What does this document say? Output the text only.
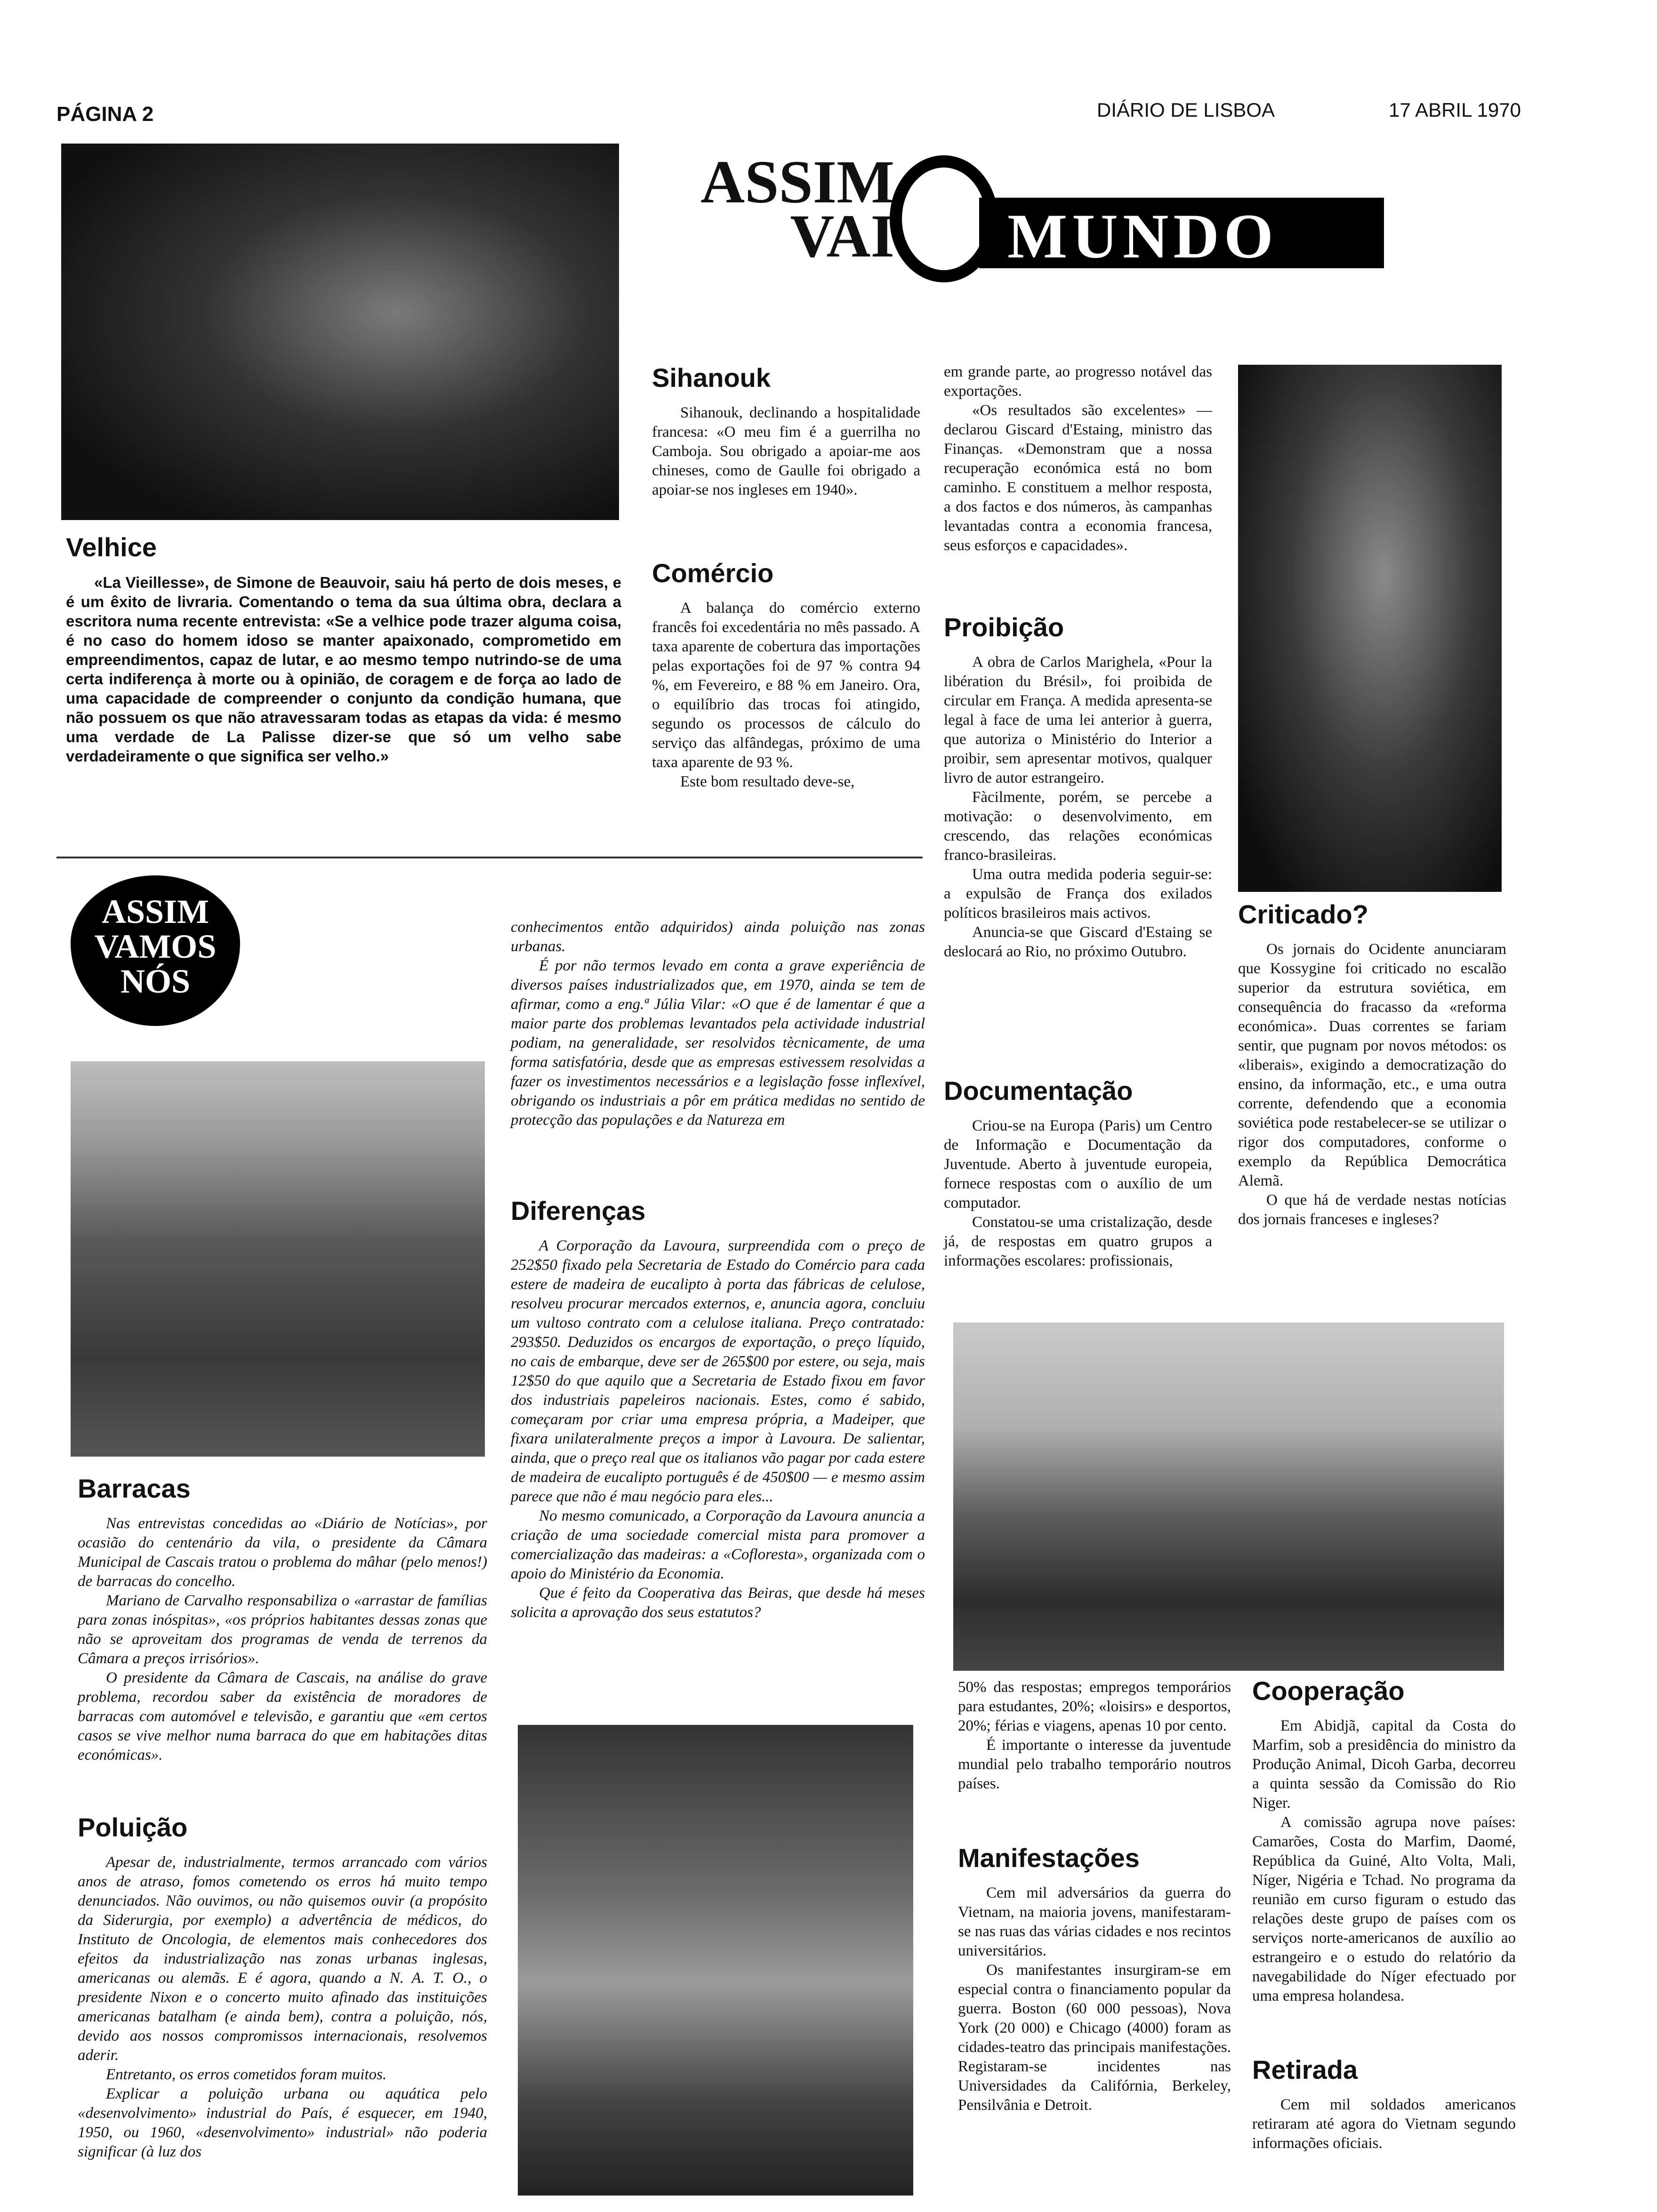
PÁGINA 2	DIÁRIO DE LISBOA	17 ABRIL 1970
Velhice
«La Vieillesse», de Simone de Beauvoir, saiu há perto de dois meses, e é um êxito de livraria. Comentando o tema da sua última obra, declara a escritora numa recente entrevista: «Se a velhice pode trazer alguma coisa, é no caso do homem idoso se manter apaixonado, comprometido em empreendimentos, capaz de lutar, e ao mesmo tempo nutrindo-se de uma certa indiferença à morte ou à opinião, de coragem e de força ao lado de uma capacidade de compreender o conjunto da condição humana, que não possuem os que não atravessaram todas as etapas da vida: é mesmo uma verdade de La Palisse dizer-se que só um velho sabe verdadeiramente o que significa ser velho.»
ASSIM
VAI MUNDO
Sihanouk

Sihanouk, declinando a hospitalidade francesa: «O meu fim é a guerrilha no Camboja. Sou obrigado a apoiar-me aos chineses, como de Gaulle foi obrigado a apoiar-se nos ingleses em 1940».

Comércio

A balança do comércio externo francês foi excedentária no mês passado. A taxa aparente de cobertura das importações pelas exportações foi de 97 % contra 94 %, em Fevereiro, e 88 % em Janeiro. Ora, o equilíbrio das trocas foi atingido, segundo os processos de cálculo do serviço das alfândegas, próximo de uma taxa aparente de 93 %.

Este bom resultado deve-se,

em grande parte, ao progresso notável das exportações.

«Os resultados são excelentes» — declarou Giscard d'Estaing, ministro das Finanças. «Demonstram que a nossa recuperação económica está no bom caminho. E constituem a melhor resposta, a dos factos e dos números, às campanhas levantadas contra a economia francesa, seus esforços e capacidades».

Proibição

A obra de Carlos Marighela, «Pour la libération du Brésil», foi proibida de circular em França. A medida apresenta-se legal à face de uma lei anterior à guerra, que autoriza o Ministério do Interior a proibir, sem apresentar motivos, qualquer livro de autor estrangeiro.

Fàcilmente, porém, se percebe a motivação: o desenvolvimento, em crescendo, das relações económicas franco-brasileiras.

Uma outra medida poderia seguir-se: a expulsão de França dos exilados políticos brasileiros mais activos.

Anuncia-se que Giscard d'Estaing se deslocará ao Rio, no próximo Outubro.

Documentação

Criou-se na Europa (Paris) um Centro de Informação e Documentação da Juventude. Aberto à juventude europeia, fornece respostas com o auxílio de um computador.

Constatou-se uma cristalização, desde já, de respostas em quatro grupos a informações escolares: profissionais,

Criticado?

Os jornais do Ocidente anunciaram que Kossygine foi criticado no escalão superior da estrutura soviética, em consequência do fracasso da «reforma económica». Duas correntes se fariam sentir, que pugnam por novos métodos: os «liberais», exigindo a democratização do ensino, da informação, etc., e uma outra corrente, defendendo que a economia soviética pode restabelecer-se se utilizar o rigor dos computadores, conforme o exemplo da República Democrática Alemã.

O que há de verdade nestas notícias dos jornais franceses e ingleses?

ASSIM
VAMOS
NÓS
Barracas

Nas entrevistas concedidas ao «Diário de Notícias», por ocasião do centenário da vila, o presidente da Câmara Municipal de Cascais tratou o problema do mâhar (pelo menos!) de barracas do concelho.

Mariano de Carvalho responsabiliza o «arrastar de famílias para zonas inóspitas», «os próprios habitantes dessas zonas que não se aproveitam dos programas de venda de terrenos da Câmara a preços irrisórios».

O presidente da Câmara de Cascais, na análise do grave problema, recordou saber da existência de moradores de barracas com automóvel e televisão, e garantiu que «em certos casos se vive melhor numa barraca do que em habitações ditas económicas».

Poluição

Apesar de, industrialmente, termos arrancado com vários anos de atraso, fomos cometendo os erros há muito tempo denunciados. Não ouvimos, ou não quisemos ouvir (a propósito da Siderurgia, por exemplo) a advertência de médicos, do Instituto de Oncologia, de elementos mais conhecedores dos efeitos da industrialização nas zonas urbanas inglesas, americanas ou alemãs. E é agora, quando a N. A. T. O., o presidente Nixon e o concerto muito afinado das instituições americanas batalham (e ainda bem), contra a poluição, nós, devido aos nossos compromissos internacionais, resolvemos aderir.

Entretanto, os erros cometidos foram muitos.

Explicar a poluição urbana ou aquática pelo «desenvolvimento» industrial do País, é esquecer, em 1940, 1950, ou 1960, «desenvolvimento» industrial» não poderia significar (à luz dos

conhecimentos então adquiridos) ainda poluição nas zonas urbanas.

É por não termos levado em conta a grave experiência de diversos países industrializados que, em 1970, ainda se tem de afirmar, como a eng.ª Júlia Vilar: «O que é de lamentar é que a maior parte dos problemas levantados pela actividade industrial podiam, na generalidade, ser resolvidos tècnicamente, de uma forma satisfatória, desde que as empresas estivessem resolvidas a fazer os investimentos necessários e a legislação fosse inflexível, obrigando os industriais a pôr em prática medidas no sentido de protecção das populações e da Natureza em

Diferenças

A Corporação da Lavoura, surpreendida com o preço de 252$50 fixado pela Secretaria de Estado do Comércio para cada estere de madeira de eucalipto à porta das fábricas de celulose, resolveu procurar mercados externos, e, anuncia agora, concluiu um vultoso contrato com a celulose italiana. Preço contratado: 293$50. Deduzidos os encargos de exportação, o preço líquido, no cais de embarque, deve ser de 265$00 por estere, ou seja, mais 12$50 do que aquilo que a Secretaria de Estado fixou em favor dos industriais papeleiros nacionais. Estes, como é sabido, começaram por criar uma empresa própria, a Madeiper, que fixara unilateralmente preços a impor à Lavoura. De salientar, ainda, que o preço real que os italianos vão pagar por cada estere de madeira de eucalipto português é de 450$00 — e mesmo assim parece que não é mau negócio para eles...

No mesmo comunicado, a Corporação da Lavoura anuncia a criação de uma sociedade comercial mista para promover a comercialização das madeiras: a «Cofloresta», organizada com o apoio do Ministério da Economia.

Que é feito da Cooperativa das Beiras, que desde há meses solicita a aprovação dos seus estatutos?

50% das respostas; empregos temporários para estudantes, 20%; «loisirs» e desportos, 20%; férias e viagens, apenas 10 por cento.

É importante o interesse da juventude mundial pelo trabalho temporário noutros países.

Manifestações

Cem mil adversários da guerra do Vietnam, na maioria jovens, manifestaram-se nas ruas das várias cidades e nos recintos universitários.

Os manifestantes insurgiram-se em especial contra o financiamento popular da guerra. Boston (60 000 pessoas), Nova York (20 000) e Chicago (4000) foram as cidades-teatro das principais manifestações. Registaram-se incidentes nas Universidades da Califórnia, Berkeley, Pensilvânia e Detroit.

Cooperação

Em Abidjã, capital da Costa do Marfim, sob a presidência do ministro da Produção Animal, Dicoh Garba, decorreu a quinta sessão da Comissão do Rio Niger.

A comissão agrupa nove países: Camarões, Costa do Marfim, Daomé, República da Guiné, Alto Volta, Mali, Níger, Nigéria e Tchad. No programa da reunião em curso figuram o estudo das relações deste grupo de países com os serviços norte-americanos de auxílio ao estrangeiro e o estudo do relatório da navegabilidade do Níger efectuado por uma empresa holandesa.

Retirada

Cem mil soldados americanos retiraram até agora do Vietnam segundo informações oficiais.
